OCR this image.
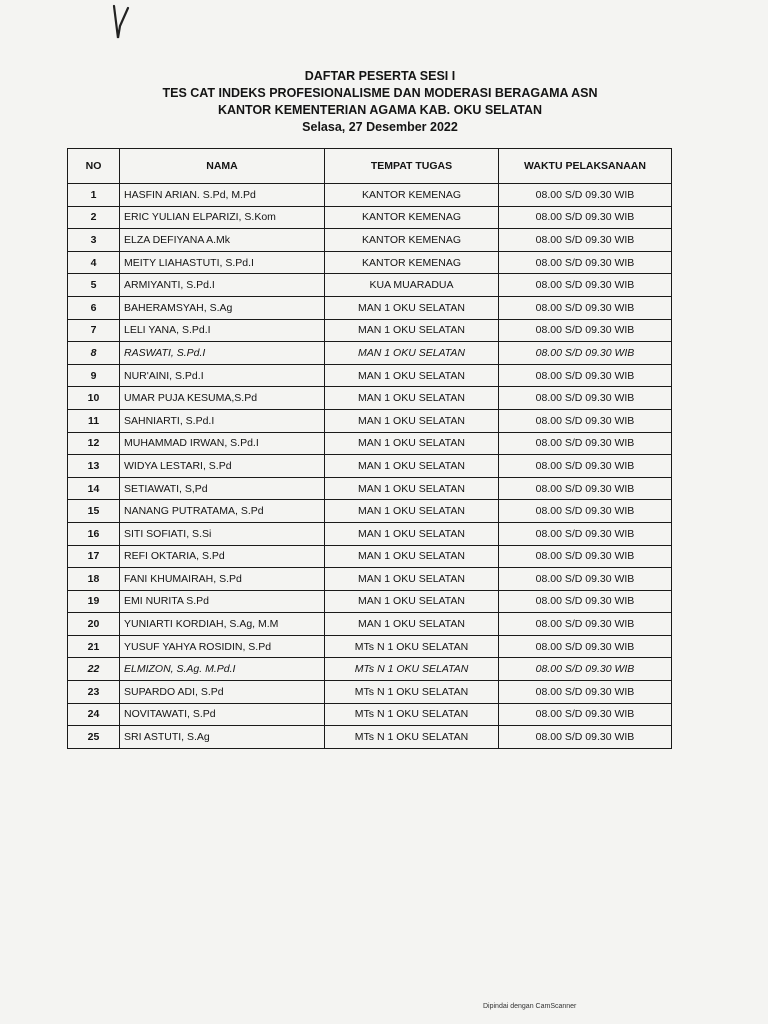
DAFTAR PESERTA SESI I
TES CAT INDEKS PROFESIONALISME DAN MODERASI BERAGAMA ASN
KANTOR KEMENTERIAN AGAMA KAB. OKU SELATAN
Selasa, 27 Desember 2022
NO	NAMA	TEMPAT TUGAS	WAKTU PELAKSANAAN
1	HASFIN ARIAN. S.Pd, M.Pd	KANTOR KEMENAG	08.00 S/D 09.30 WIB
2	ERIC YULIAN ELPARIZI, S.Kom	KANTOR KEMENAG	08.00 S/D 09.30 WIB
3	ELZA DEFIYANA A.Mk	KANTOR KEMENAG	08.00 S/D 09.30 WIB
4	MEITY LIAHASTUTI, S.Pd.I	KANTOR KEMENAG	08.00 S/D 09.30 WIB
5	ARMIYANTI, S.Pd.I	KUA MUARADUA	08.00 S/D 09.30 WIB
6	BAHERAMSYAH, S.Ag	MAN 1 OKU SELATAN	08.00 S/D 09.30 WIB
7	LELI YANA, S.Pd.I	MAN 1 OKU SELATAN	08.00 S/D 09.30 WIB
8	RASWATI, S.Pd.I	MAN 1 OKU SELATAN	08.00 S/D 09.30 WIB
9	NUR'AINI, S.Pd.I	MAN 1 OKU SELATAN	08.00 S/D 09.30 WIB
10	UMAR PUJA KESUMA,S.Pd	MAN 1 OKU SELATAN	08.00 S/D 09.30 WIB
11	SAHNIARTI, S.Pd.I	MAN 1 OKU SELATAN	08.00 S/D 09.30 WIB
12	MUHAMMAD IRWAN, S.Pd.I	MAN 1 OKU SELATAN	08.00 S/D 09.30 WIB
13	WIDYA LESTARI, S.Pd	MAN 1 OKU SELATAN	08.00 S/D 09.30 WIB
14	SETIAWATI, S,Pd	MAN 1 OKU SELATAN	08.00 S/D 09.30 WIB
15	NANANG PUTRATAMA, S.Pd	MAN 1 OKU SELATAN	08.00 S/D 09.30 WIB
16	SITI SOFIATI, S.Si	MAN 1 OKU SELATAN	08.00 S/D 09.30 WIB
17	REFI OKTARIA, S.Pd	MAN 1 OKU SELATAN	08.00 S/D 09.30 WIB
18	FANI KHUMAIRAH, S.Pd	MAN 1 OKU SELATAN	08.00 S/D 09.30 WIB
19	EMI NURITA S.Pd	MAN 1 OKU SELATAN	08.00 S/D 09.30 WIB
20	YUNIARTI KORDIAH, S.Ag, M.M	MAN 1 OKU SELATAN	08.00 S/D 09.30 WIB
21	YUSUF YAHYA ROSIDIN, S.Pd	MTs N 1 OKU SELATAN	08.00 S/D 09.30 WIB
22	ELMIZON, S.Ag. M.Pd.I	MTs N 1 OKU SELATAN	08.00 S/D 09.30 WIB
23	SUPARDO ADI, S.Pd	MTs N 1 OKU SELATAN	08.00 S/D 09.30 WIB
24	NOVITAWATI, S.Pd	MTs N 1 OKU SELATAN	08.00 S/D 09.30 WIB
25	SRI ASTUTI, S.Ag	MTs N 1 OKU SELATAN	08.00 S/D 09.30 WIB
Dipindai dengan CamScanner
